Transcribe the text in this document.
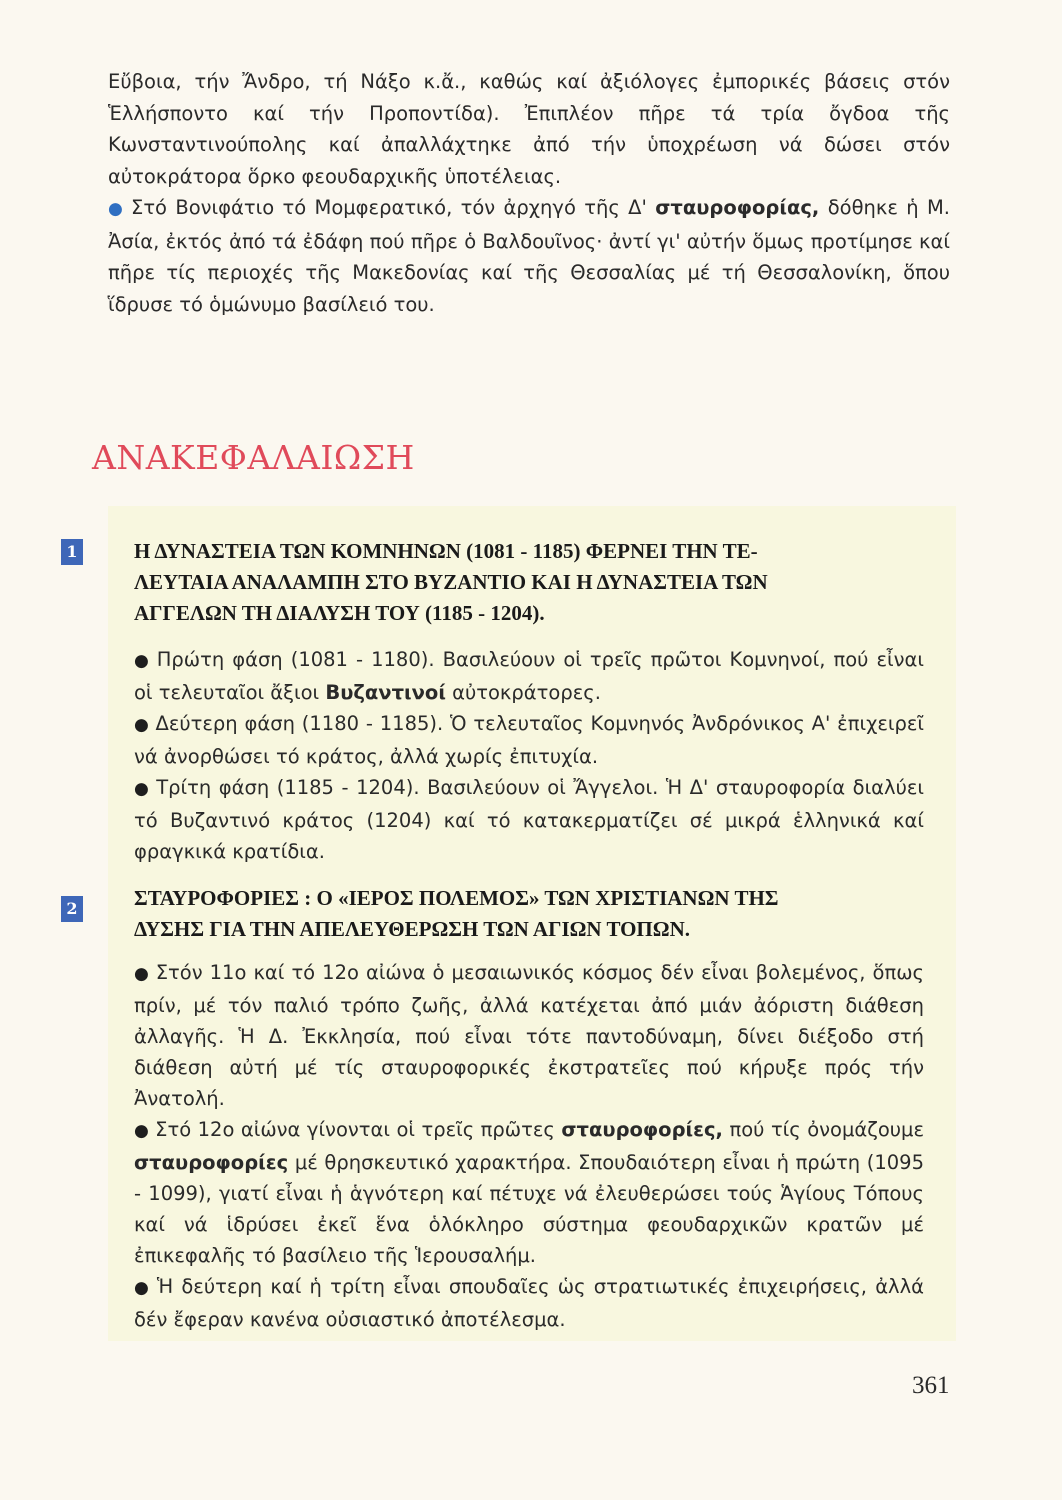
Εὔβοια, τήν Ἄνδρο, τή Νάξο κ.ἄ., καθώς καί ἀξιόλογες ἐμπορικές βάσεις στόν Ἑλλήσποντο καί τήν Προποντίδα). Ἐπιπλέον πῆρε τά τρία ὄγδοα τῆς Κωνσταντινούπολης καί ἀπαλλάχτηκε ἀπό τήν ὑποχρέωση νά δώσει στόν αὐτοκράτορα ὅρκο φεουδαρχικῆς ὑποτέλειας.

● Στό Βονιφάτιο τό Μομφερατικό, τόν ἀρχηγό τῆς Δ' σταυροφορίας, δόθηκε ἡ Μ. Ἀσία, ἐκτός ἀπό τά ἐδάφη πού πῆρε ὁ Βαλδουῖνος· ἀντί γι' αὐτήν ὅμως προτίμησε καί πῆρε τίς περιοχές τῆς Μακεδονίας καί τῆς Θεσσαλίας μέ τή Θεσσαλονίκη, ὅπου ἵδρυσε τό ὁμώνυμο βασίλειό του.

ΑΝΑΚΕΦΑΛΑΙΩΣΗ
1
2
Η ΔΥΝΑΣΤΕΙΑ ΤΩΝ ΚΟΜΝΗΝΩΝ (1081 - 1185) ΦΕΡΝΕΙ ΤΗΝ ΤΕ-
ΛΕΥΤΑΙΑ ΑΝΑΛΑΜΠΗ ΣΤΟ ΒΥΖΑΝΤΙΟ ΚΑΙ Η ΔΥΝΑΣΤΕΙΑ ΤΩΝ
ΑΓΓΕΛΩΝ ΤΗ ΔΙΑΛΥΣΗ ΤΟΥ (1185 - 1204).

● Πρώτη φάση (1081 - 1180). Βασιλεύουν οἱ τρεῖς πρῶτοι Κομνηνοί, πού εἶναι οἱ τελευταῖοι ἄξιοι Βυζαντινοί αὐτοκράτορες.

● Δεύτερη φάση (1180 - 1185). Ὁ τελευταῖος Κομνηνός Ἀνδρόνικος Α' ἐπιχειρεῖ νά ἀνορθώσει τό κράτος, ἀλλά χωρίς ἐπιτυχία.

● Τρίτη φάση (1185 - 1204). Βασιλεύουν οἱ Ἄγγελοι. Ἡ Δ' σταυροφορία διαλύει τό Βυζαντινό κράτος (1204) καί τό κατακερματίζει σέ μικρά ἑλληνικά καί φραγκικά κρατίδια.

ΣΤΑΥΡΟΦΟΡΙΕΣ : Ο «ΙΕΡΟΣ ΠΟΛΕΜΟΣ» ΤΩΝ ΧΡΙΣΤΙΑΝΩΝ ΤΗΣ
ΔΥΣΗΣ ΓΙΑ ΤΗΝ ΑΠΕΛΕΥΘΕΡΩΣΗ ΤΩΝ ΑΓΙΩΝ ΤΟΠΩΝ.

● Στόν 11ο καί τό 12ο αἰώνα ὁ μεσαιωνικός κόσμος δέν εἶναι βολεμένος, ὅπως πρίν, μέ τόν παλιό τρόπο ζωῆς, ἀλλά κατέχεται ἀπό μιάν ἀόριστη διάθεση ἀλλαγῆς. Ἡ Δ. Ἐκκλησία, πού εἶναι τότε παντοδύναμη, δίνει διέξοδο στή διάθεση αὐτή μέ τίς σταυροφορικές ἐκστρατεῖες πού κήρυξε πρός τήν Ἀνατολή.

● Στό 12ο αἰώνα γίνονται οἱ τρεῖς πρῶτες σταυροφορίες, πού τίς ὀνομάζουμε σταυροφορίες μέ θρησκευτικό χαρακτήρα. Σπουδαιότερη εἶναι ἡ πρώτη (1095 - 1099), γιατί εἶναι ἡ ἁγνότερη καί πέτυχε νά ἐλευθερώσει τούς Ἁγίους Τόπους καί νά ἱδρύσει ἐκεῖ ἕνα ὁλόκληρο σύστημα φεουδαρχικῶν κρατῶν μέ ἐπικεφαλῆς τό βασίλειο τῆς Ἱερουσαλήμ.

● Ἡ δεύτερη καί ἡ τρίτη εἶναι σπουδαῖες ὡς στρατιωτικές ἐπιχειρήσεις, ἀλλά δέν ἔφεραν κανένα οὐσιαστικό ἀποτέλεσμα.

361
